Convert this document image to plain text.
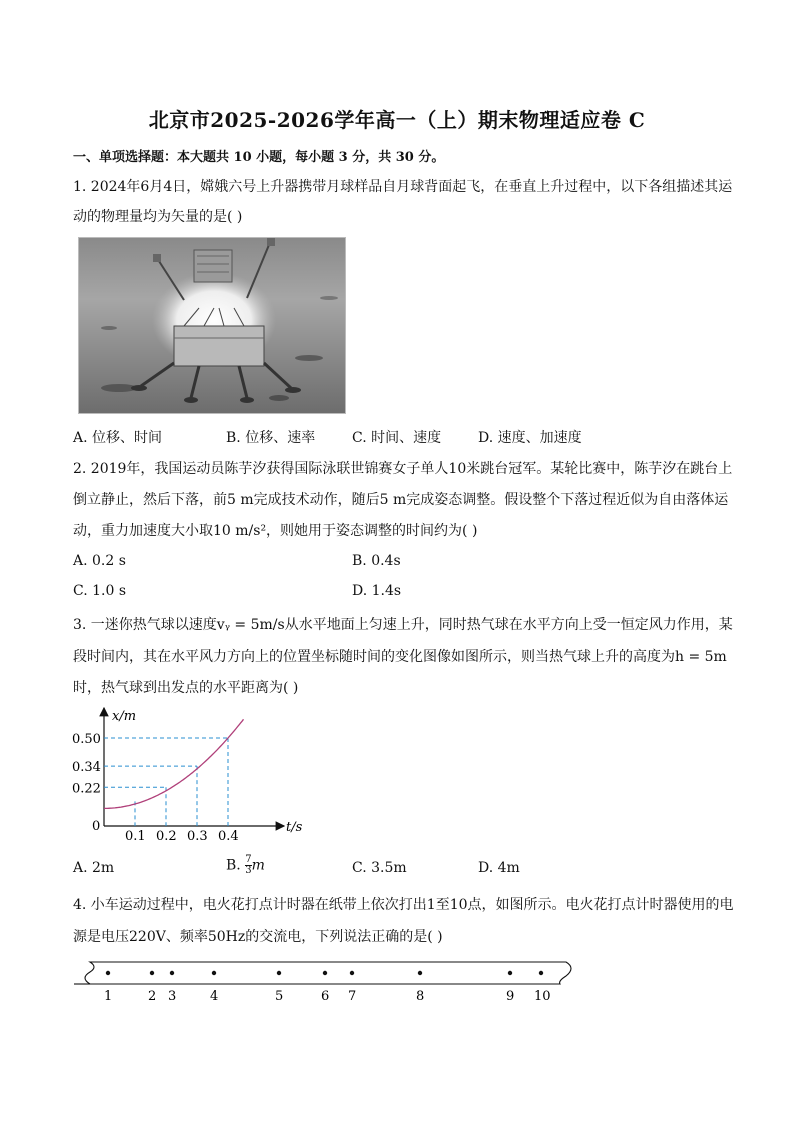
北京市2025-2026学年高一（上）期末物理适应卷 C
一、单项选择题：本大题共 10 小题，每小题 3 分，共 30 分。
1. 2024年6月4日，嫦娥六号上升器携带月球样品自月球背面起飞，在垂直上升过程中，以下各组描述其运
动的物理量均为矢量的是( )
A. 位移、时间	B. 位移、速率	C. 时间、速度	D. 速度、加速度
2. 2019年，我国运动员陈芋汐获得国际泳联世锦赛女子单人10米跳台冠军。某轮比赛中，陈芋汐在跳台上
倒立静止，然后下落，前5 m完成技术动作，随后5 m完成姿态调整。假设整个下落过程近似为自由落体运
动，重力加速度大小取10 m/s²，则她用于姿态调整的时间约为( )
A. 0.2 s	B. 0.4s
C. 1.0 s	D. 1.4s
3. 一迷你热气球以速度vᵧ = 5m/s从水平地面上匀速上升，同时热气球在水平方向上受一恒定风力作用，某
段时间内，其在水平风力方向上的位置坐标随时间的变化图像如图所示，则当热气球上升的高度为h = 5m
时，热气球到出发点的水平距离为( )
x/m
t/s
0
0.1 0.2 0.3 0.4
0.50
0.34
0.22
A. 2m	B. $\frac{7}{3}$ m	C. 3.5m	D. 4m
4. 小车运动过程中，电火花打点计时器在纸带上依次打出1至10点，如图所示。电火花打点计时器使用的电
源是电压220V、频率50Hz的交流电，下列说法正确的是( )
1	2 3	4	5	6 7	8	9 10
